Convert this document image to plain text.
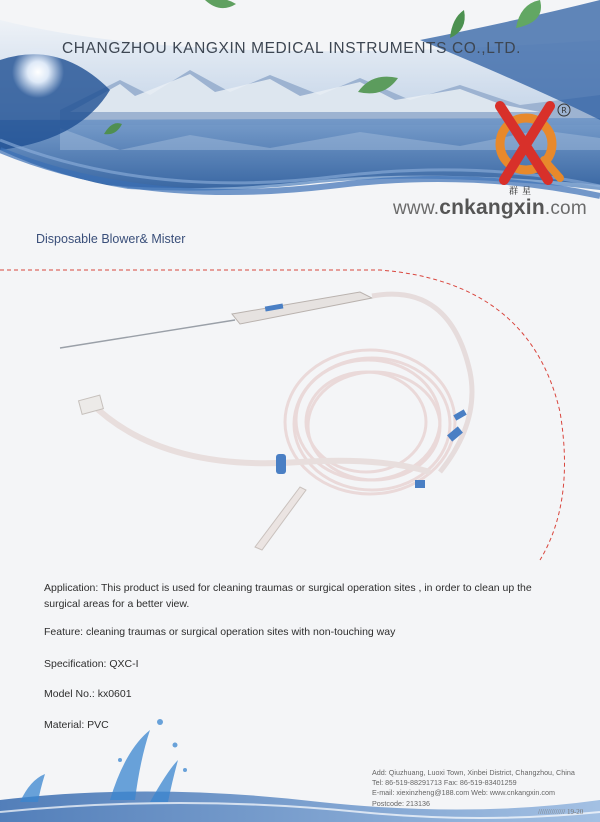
CHANGZHOU KANGXIN MEDICAL INSTRUMENTS CO.,LTD.
R
群星
www.cnkangxin.com
Disposable Blower& Mister
Application: This product is used for cleaning traumas or surgical operation sites , in order to clean up the surgical areas for a better view.
Feature: cleaning traumas or surgical operation sites with non-touching way
Specification: QXC-I
Model No.: kx0601
Material: PVC
Add: Qiuzhuang, Luoxi Town, Xinbei District, Changzhou, China
Tel: 86-519-88291713 Fax: 86-519-83401259
E-mail: xiexinzheng@188.com Web: www.cnkangxin.com
Postcode: 213136
////////////// 19-20
